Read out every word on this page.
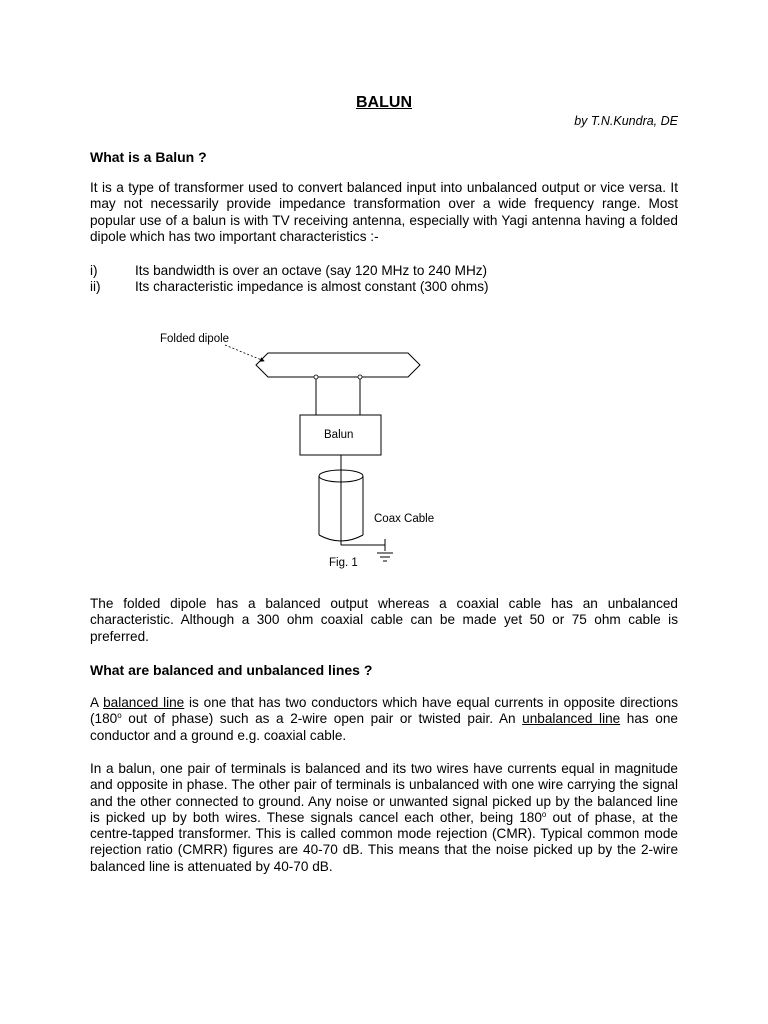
BALUN
by T.N.Kundra, DE
What is a Balun ?
It is a type of transformer used to convert balanced input into unbalanced output or vice versa. It may not necessarily provide impedance transformation over a wide frequency range. Most popular use of a balun is with TV receiving antenna, especially with Yagi antenna having a folded dipole which has two important characteristics :-
i)	Its bandwidth is over an octave (say 120 MHz to 240 MHz)
ii)	Its characteristic impedance is almost constant (300 ohms)
Folded dipole
Balun
Coax Cable
Fig. 1
The folded dipole has a balanced output whereas a coaxial cable has an unbalanced characteristic. Although a 300 ohm coaxial cable can be made yet 50 or 75 ohm cable is preferred.
What are balanced and unbalanced lines ?
A balanced line is one that has two conductors which have equal currents in opposite directions (180$^o$ out of phase) such as a 2-wire open pair or twisted pair. An unbalanced line has one conductor and a ground e.g. coaxial cable.
In a balun, one pair of terminals is balanced and its two wires have currents equal in magnitude and opposite in phase. The other pair of terminals is unbalanced with one wire carrying the signal and the other connected to ground. Any noise or unwanted signal picked up by the balanced line is picked up by both wires. These signals cancel each other, being 180$^o$ out of phase, at the centre-tapped transformer. This is called common mode rejection (CMR). Typical common mode rejection ratio (CMRR) figures are 40-70 dB. This means that the noise picked up by the 2-wire balanced line is attenuated by 40-70 dB.
